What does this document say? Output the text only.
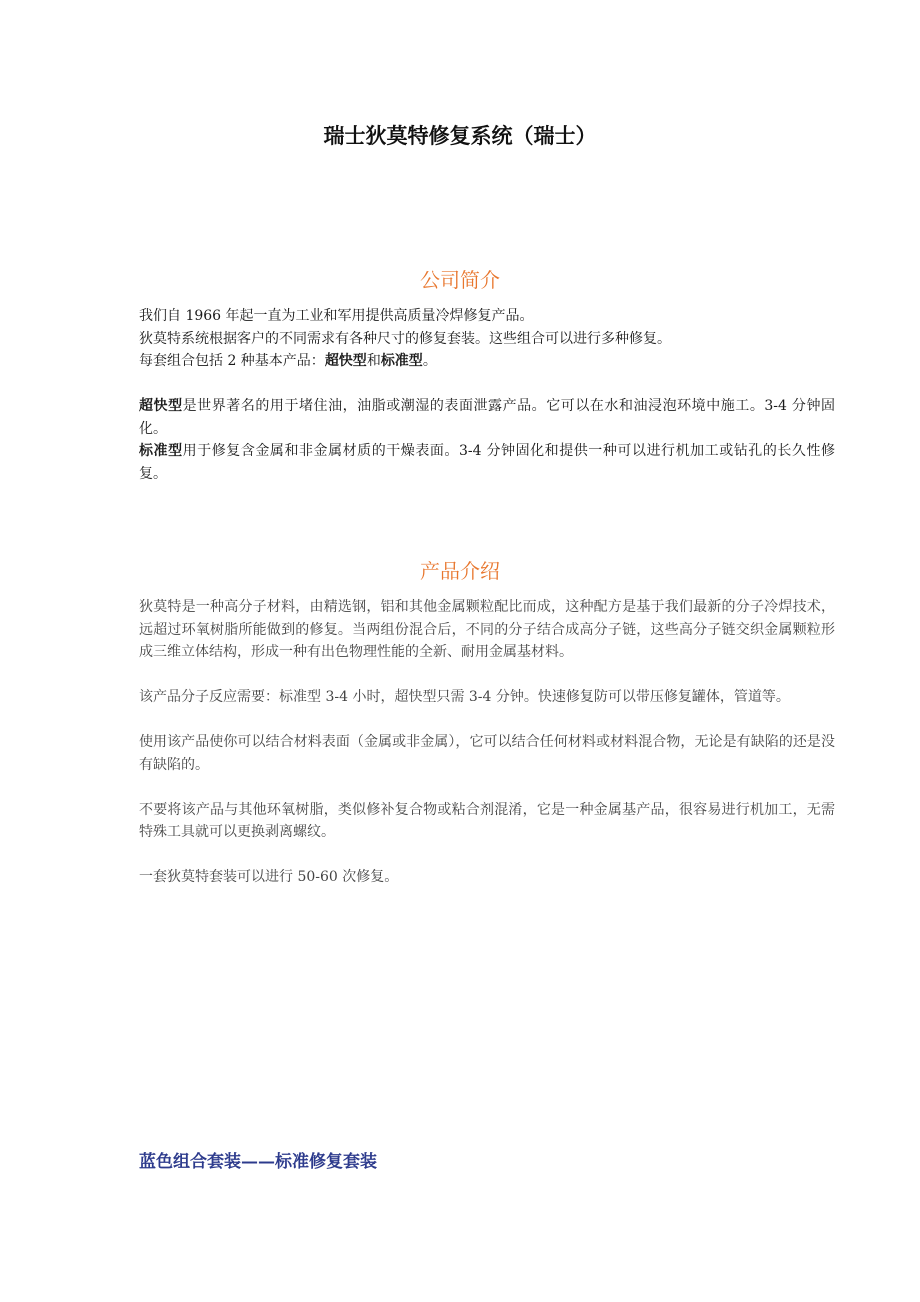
瑞士狄莫特修复系统（瑞士）
公司简介

我们自 1966 年起一直为工业和军用提供高质量冷焊修复产品。

狄莫特系统根据客户的不同需求有各种尺寸的修复套装。这些组合可以进行多种修复。

每套组合包括 2 种基本产品：超快型和标准型。

超快型是世界著名的用于堵住油，油脂或潮湿的表面泄露产品。它可以在水和油浸泡环境中施工。3-4 分钟固化。

标准型用于修复含金属和非金属材质的干燥表面。3-4 分钟固化和提供一种可以进行机加工或钻孔的长久性修复。

产品介绍

狄莫特是一种高分子材料，由精选钢，铝和其他金属颗粒配比而成，这种配方是基于我们最新的分子冷焊技术，远超过环氧树脂所能做到的修复。当两组份混合后，不同的分子结合成高分子链，这些高分子链交织金属颗粒形成三维立体结构，形成一种有出色物理性能的全新、耐用金属基材料。

该产品分子反应需要：标准型 3-4 小时，超快型只需 3-4 分钟。快速修复防可以带压修复罐体，管道等。

使用该产品使你可以结合材料表面（金属或非金属），它可以结合任何材料或材料混合物，无论是有缺陷的还是没有缺陷的。

不要将该产品与其他环氧树脂，类似修补复合物或粘合剂混淆，它是一种金属基产品，很容易进行机加工，无需特殊工具就可以更换剥离螺纹。

一套狄莫特套装可以进行 50-60 次修复。

蓝色组合套装——标准修复套装
